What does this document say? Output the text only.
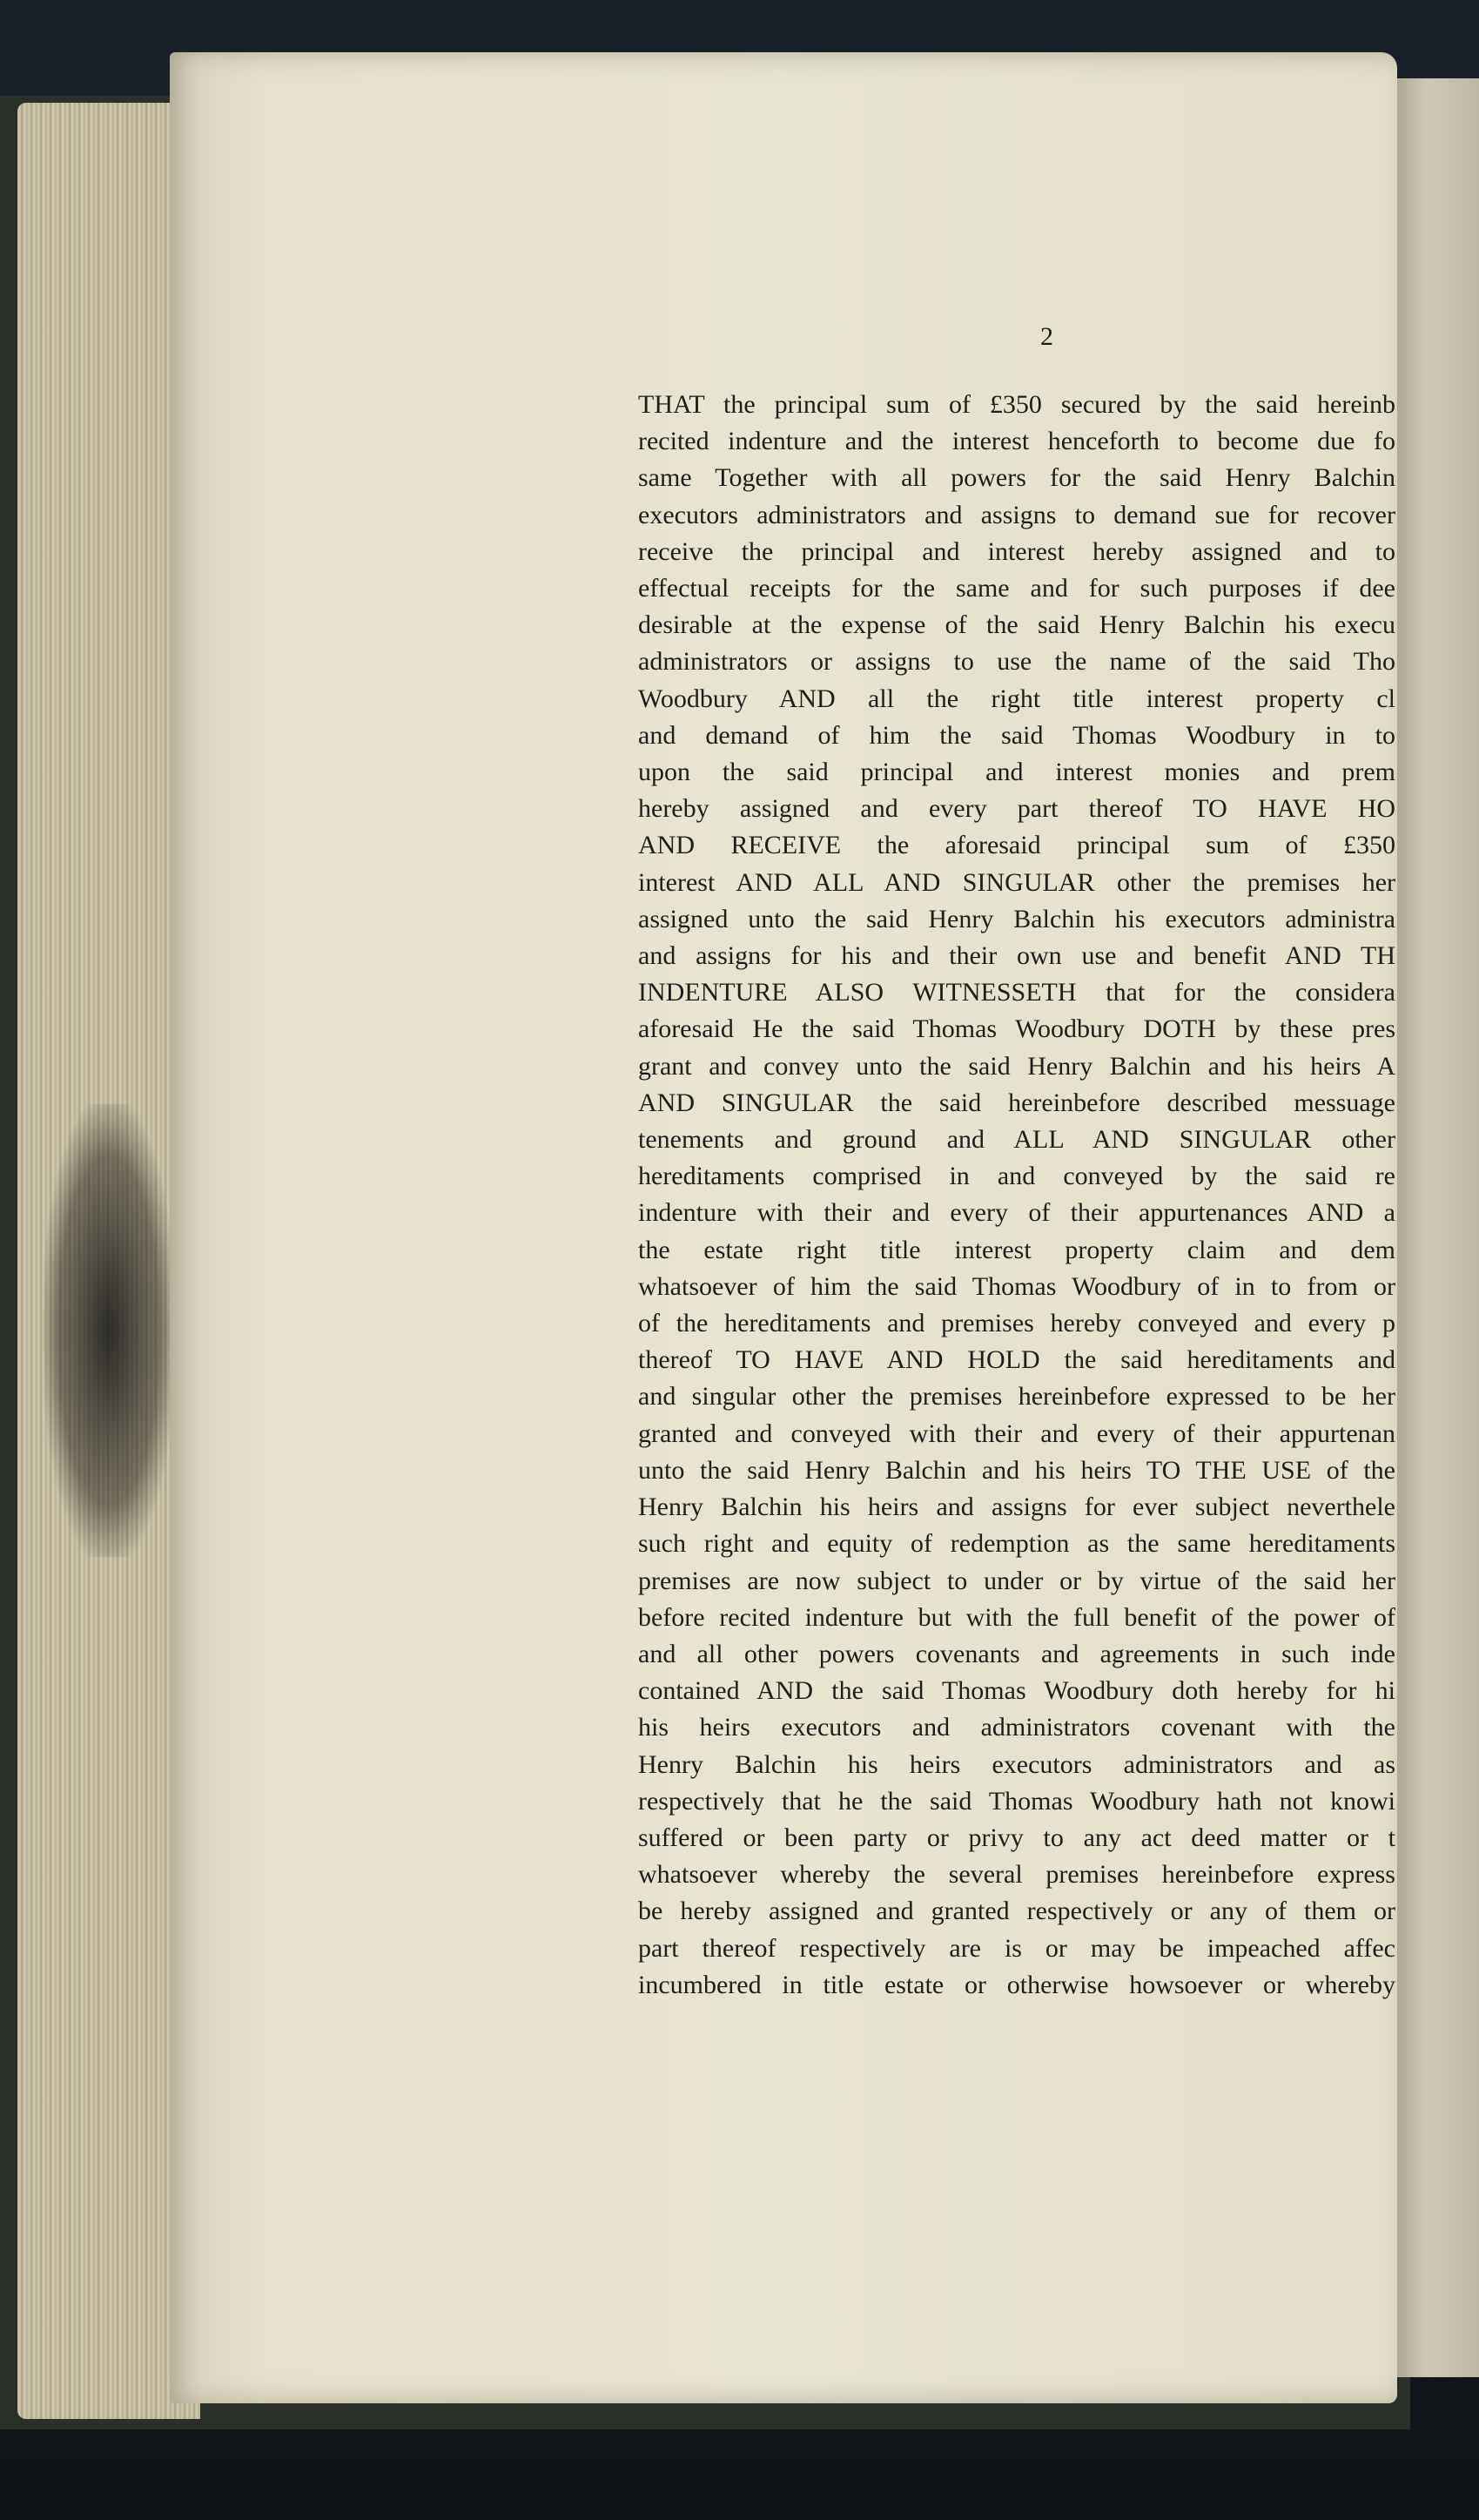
2
THAT the principal sum of £350 secured by the said hereinb
recited indenture and the interest henceforth to become due fo
same Together with all powers for the said Henry Balchin
executors administrators and assigns to demand sue for recover
receive the principal and interest hereby assigned and to
effectual receipts for the same and for such purposes if dee
desirable at the expense of the said Henry Balchin his execu
administrators or assigns to use the name of the said Tho
Woodbury AND all the right title interest property cl
and demand of him the said Thomas Woodbury in to
upon the said principal and interest monies and prem
hereby assigned and every part thereof TO HAVE HO
AND RECEIVE the aforesaid principal sum of £350
interest AND ALL AND SINGULAR other the premises her
assigned unto the said Henry Balchin his executors administra
and assigns for his and their own use and benefit AND TH
INDENTURE ALSO WITNESSETH that for the considera
aforesaid He the said Thomas Woodbury DOTH by these pres
grant and convey unto the said Henry Balchin and his heirs A
AND SINGULAR the said hereinbefore described messuage
tenements and ground and ALL AND SINGULAR other
hereditaments comprised in and conveyed by the said re
indenture with their and every of their appurtenances AND a
the estate right title interest property claim and dem
whatsoever of him the said Thomas Woodbury of in to from or
of the hereditaments and premises hereby conveyed and every p
thereof TO HAVE AND HOLD the said hereditaments and
and singular other the premises hereinbefore expressed to be her
granted and conveyed with their and every of their appurtenan
unto the said Henry Balchin and his heirs TO THE USE of the
Henry Balchin his heirs and assigns for ever subject neverthele
such right and equity of redemption as the same hereditaments
premises are now subject to under or by virtue of the said her
before recited indenture but with the full benefit of the power of
and all other powers covenants and agreements in such inde
contained AND the said Thomas Woodbury doth hereby for hi
his heirs executors and administrators covenant with the
Henry Balchin his heirs executors administrators and as
respectively that he the said Thomas Woodbury hath not knowi
suffered or been party or privy to any act deed matter or t
whatsoever whereby the several premises hereinbefore express
be hereby assigned and granted respectively or any of them or
part thereof respectively are is or may be impeached affec
incumbered in title estate or otherwise howsoever or whereby
